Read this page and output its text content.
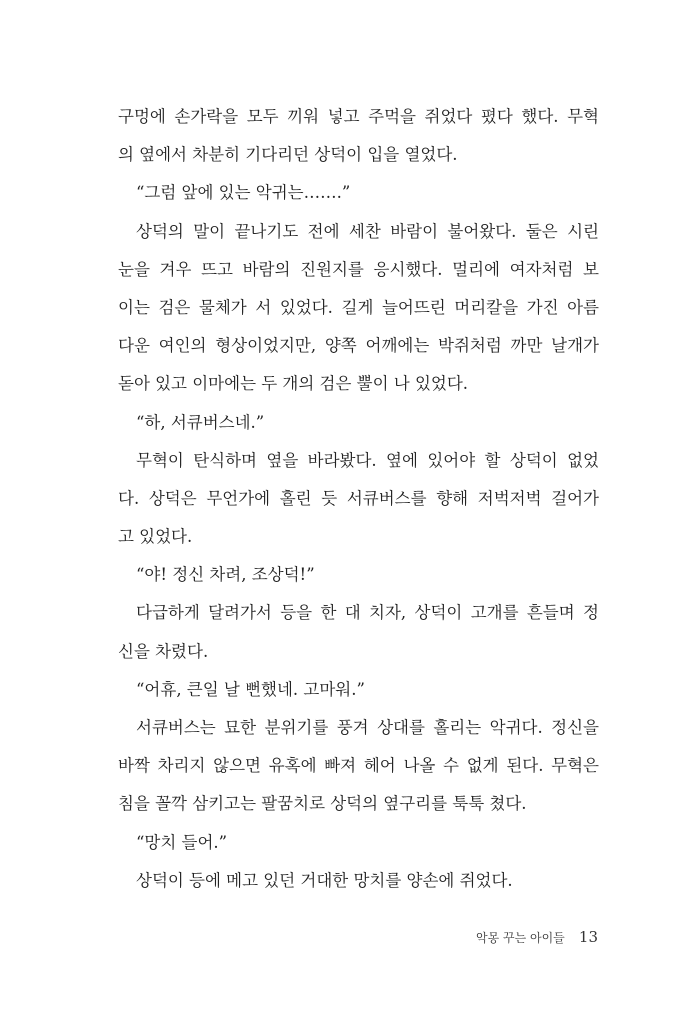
구멍에 손가락을 모두 끼워 넣고 주먹을 쥐었다 폈다 했다. 무혁
의 옆에서 차분히 기다리던 상덕이 입을 열었다.
“그럼 앞에 있는 악귀는…….”
상덕의 말이 끝나기도 전에 세찬 바람이 불어왔다. 둘은 시린
눈을 겨우 뜨고 바람의 진원지를 응시했다. 멀리에 여자처럼 보
이는 검은 물체가 서 있었다. 길게 늘어뜨린 머리칼을 가진 아름
다운 여인의 형상이었지만, 양쪽 어깨에는 박쥐처럼 까만 날개가
돋아 있고 이마에는 두 개의 검은 뿔이 나 있었다.
“하, 서큐버스네.”
무혁이 탄식하며 옆을 바라봤다. 옆에 있어야 할 상덕이 없었
다. 상덕은 무언가에 홀린 듯 서큐버스를 향해 저벅저벅 걸어가
고 있었다.
“야! 정신 차려, 조상덕!”
다급하게 달려가서 등을 한 대 치자, 상덕이 고개를 흔들며 정
신을 차렸다.
“어휴, 큰일 날 뻔했네. 고마워.”
서큐버스는 묘한 분위기를 풍겨 상대를 홀리는 악귀다. 정신을
바짝 차리지 않으면 유혹에 빠져 헤어 나올 수 없게 된다. 무혁은
침을 꼴깍 삼키고는 팔꿈치로 상덕의 옆구리를 툭툭 쳤다.
“망치 들어.”
상덕이 등에 메고 있던 거대한 망치를 양손에 쥐었다.
악몽 꾸는 아이들 13
